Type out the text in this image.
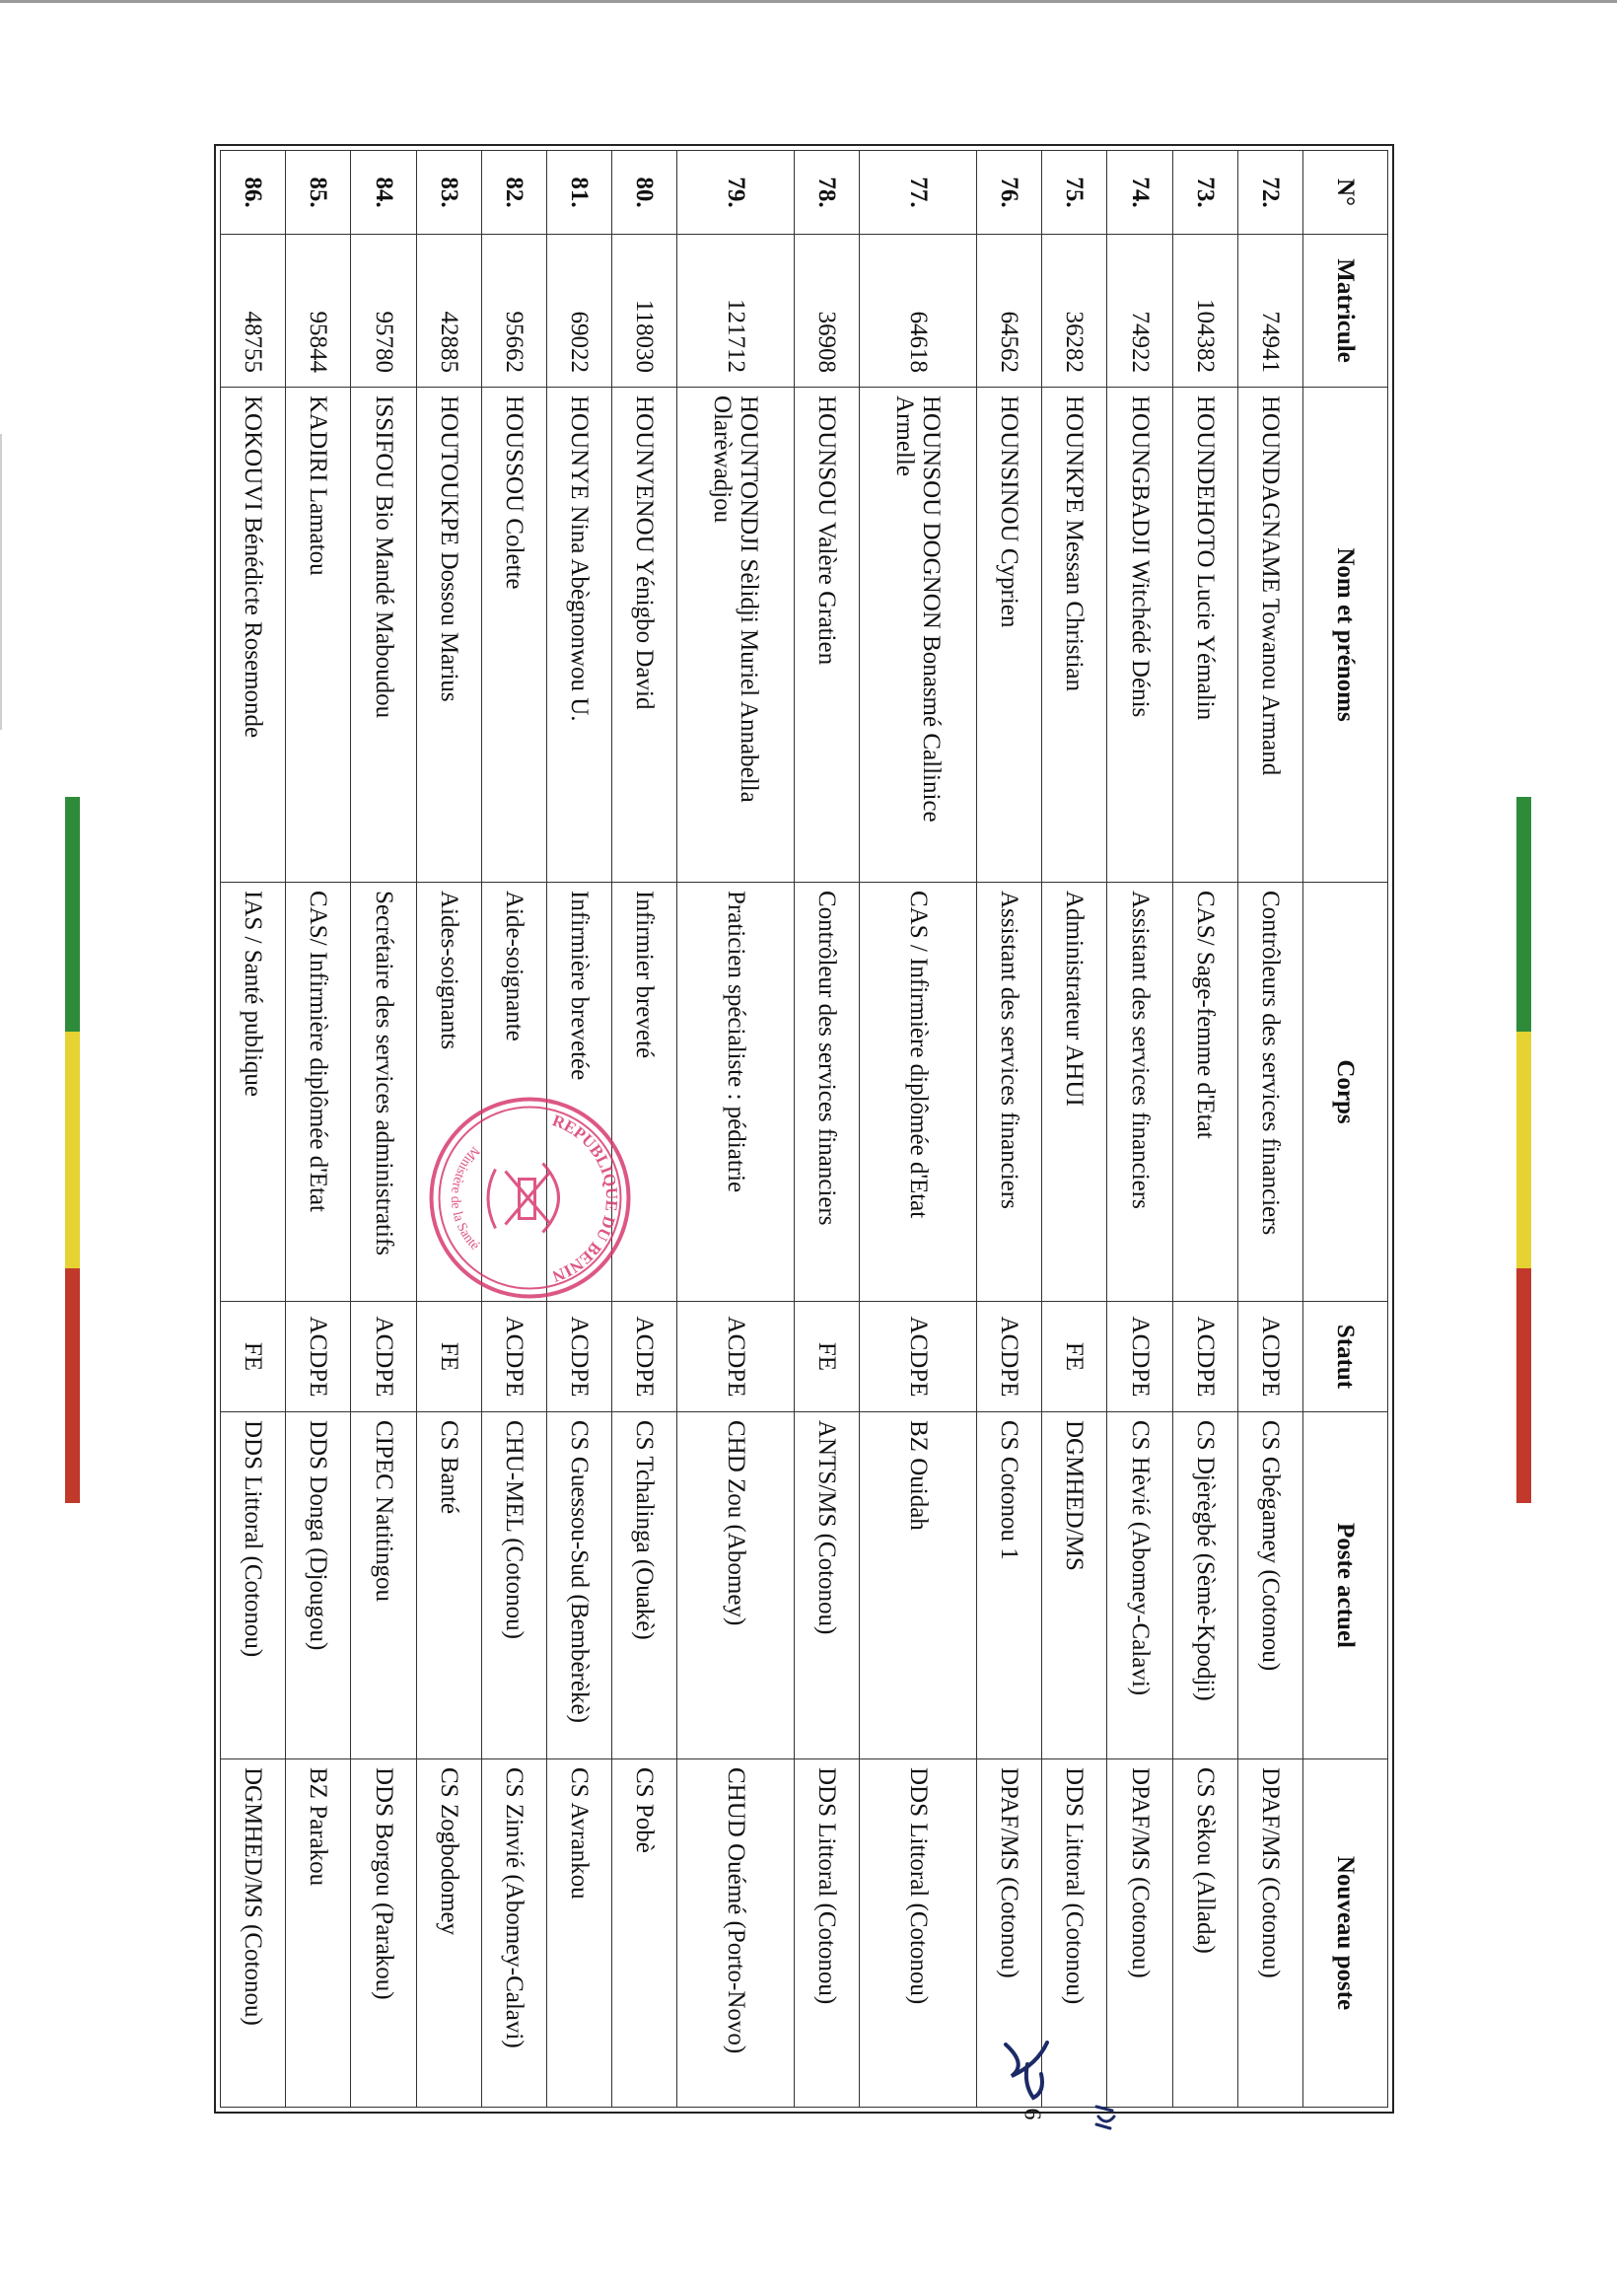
N°	Matricule	Nom et prénoms	Corps	Statut	Poste actuel	Nouveau poste
72.	74941	HOUNDAGNAME Towanou Armand	Contrôleurs des services financiers	ACDPE	CS Gbégamey (Cotonou)	DPAF/MS (Cotonou)
73.	104382	HOUNDEHOTO Lucie Yémalin	CAS/ Sage-femme d'Etat	ACDPE	CS Djèrègbé (Sèmè-Kpodji)	CS Sèkou (Allada)
74.	74922	HOUNGBADJI Witchédé Dénis	Assistant des services financiers	ACDPE	CS Hèvié (Abomey-Calavi)	DPAF/MS (Cotonou)
75.	36282	HOUNKPE Messan Christian	Administrateur AHUI	FE	DGMHED/MS	DDS Littoral (Cotonou)
76.	64562	HOUNSINOU Cyprien	Assistant des services financiers	ACDPE	CS Cotonou 1	DPAF/MS (Cotonou)
77.	64618	HOUNSOU DOGNON Bonasmé Callinice Armelle	CAS / Infirmière diplômée d'Etat	ACDPE	BZ Ouidah	DDS Littoral (Cotonou)
78.	36908	HOUNSOU Valère Gratien	Contrôleur des services financiers	FE	ANTS/MS (Cotonou)	DDS Littoral (Cotonou)
79.	121712	HOUNTONDJI Sèlidji Muriel Annabella Olarèwadjou	Praticien spécialiste : pédiatrie	ACDPE	CHD Zou (Abomey)	CHUD Ouémé (Porto-Novo)
80.	118030	HOUNVENOU Yénigbo David	Infirmier breveté	ACDPE	CS Tchalinga (Ouakè)	CS Pobè
81.	69022	HOUNYE Nina Abègnonwou U.	Infirmière brevetée	ACDPE	CS Guessou-Sud (Bembèrèkè)	CS Avrankou
82.	95662	HOUSSOU Colette	Aide-soignante	ACDPE	CHU-MEL (Cotonou)	CS Zinvié (Abomey-Calavi)
83.	42885	HOUTOUKPE Dossou Marius	Aides-soignants	FE	CS Banté	CS Zogbodomey
84.	95780	ISSIFOU Bio Mandé Maboudou	Secrétaire des services administratifs	ACDPE	CIPEC Natitingou	DDS Borgou (Parakou)
85.	95844	KADIRI Lamatou	CAS/ Infirmière diplômée d'Etat	ACDPE	DDS Donga (Djougou)	BZ Parakou
86.	48755	KOKOUVI Bénédicte Rosemonde	IAS / Santé publique	FE	DDS Littoral (Cotonou)	DGMHED/MS (Cotonou)
REPUBLIQUE DU BENIN
Ministère de la Santé
6
